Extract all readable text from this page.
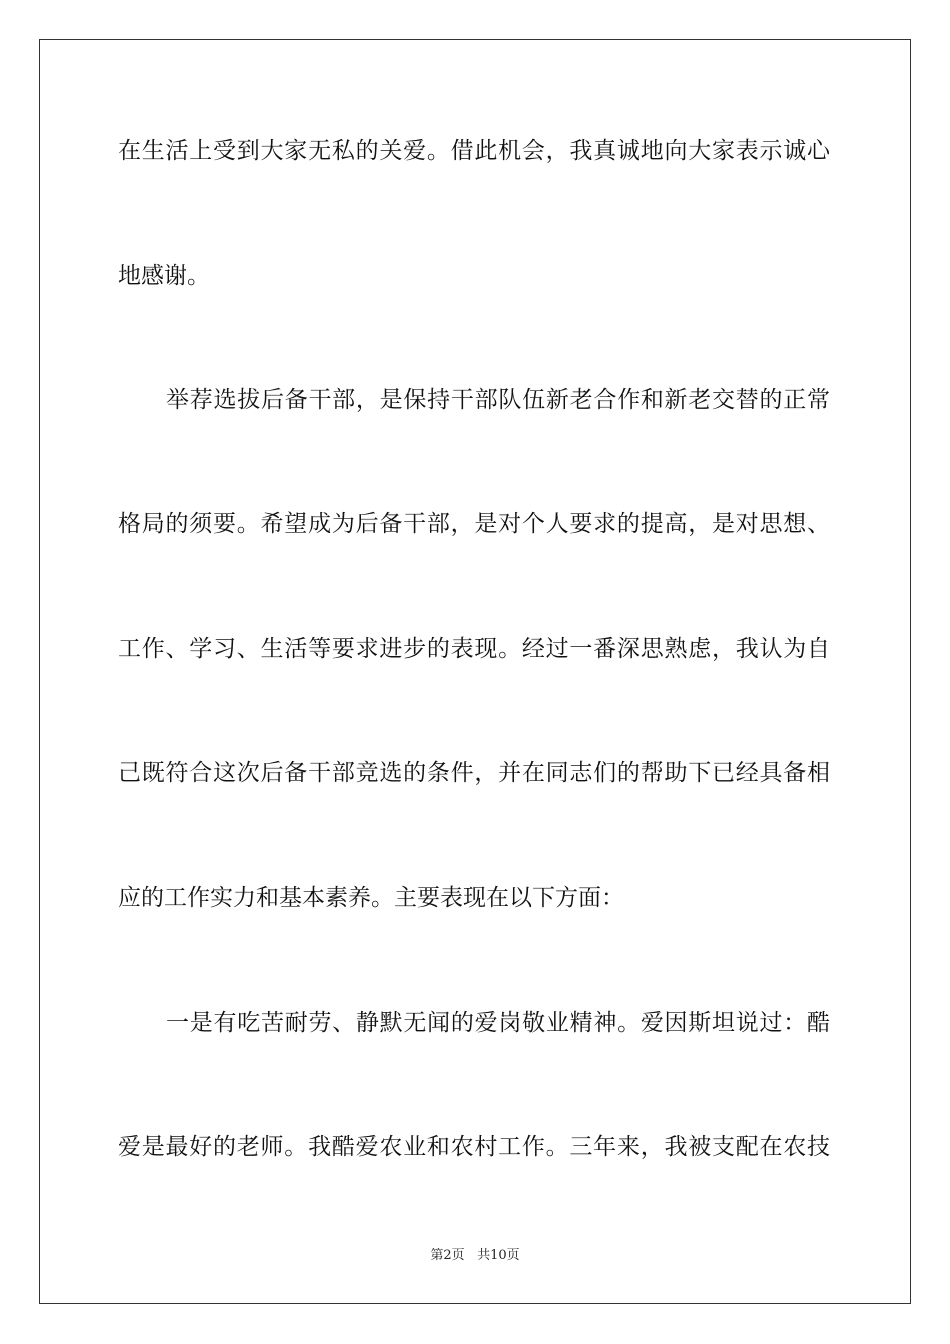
在生活上受到大家无私的关爱。借此机会，我真诚地向大家表示诚心
地感谢。
举荐选拔后备干部，是保持干部队伍新老合作和新老交替的正常
格局的须要。希望成为后备干部，是对个人要求的提高，是对思想、
工作、学习、生活等要求进步的表现。经过一番深思熟虑，我认为自
己既符合这次后备干部竞选的条件，并在同志们的帮助下已经具备相
应的工作实力和基本素养。主要表现在以下方面：
一是有吃苦耐劳、静默无闻的爱岗敬业精神。爱因斯坦说过：酷
爱是最好的老师。我酷爱农业和农村工作。三年来，我被支配在农技
第2页 共10页
